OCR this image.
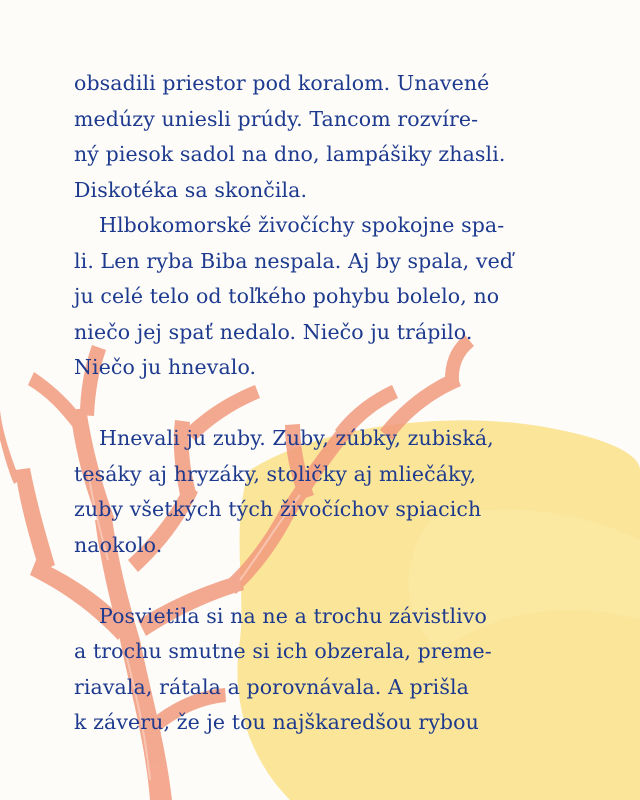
obsadili priestor pod koralom. Unavené
medúzy uniesli prúdy. Tancom rozvíre-
ný piesok sadol na dno, lampášiky zhasli.
Diskotéka sa skončila.
Hlbokomorské živočíchy spokojne spa-
li. Len ryba Biba nespala. Aj by spala, veď
ju celé telo od toľkého pohybu bolelo, no
niečo jej spať nedalo. Niečo ju trápilo.
Niečo ju hnevalo.
Hnevali ju zuby. Zuby, zúbky, zubiská,
tesáky aj hryzáky, stoličky aj mliečáky,
zuby všetkých tých živočíchov spiacich
naokolo.
Posvietila si na ne a trochu závistlivo
a trochu smutne si ich obzerala, preme-
riavala, rátala a porovnávala. A prišla
k záveru, že je tou najškaredšou rybou
